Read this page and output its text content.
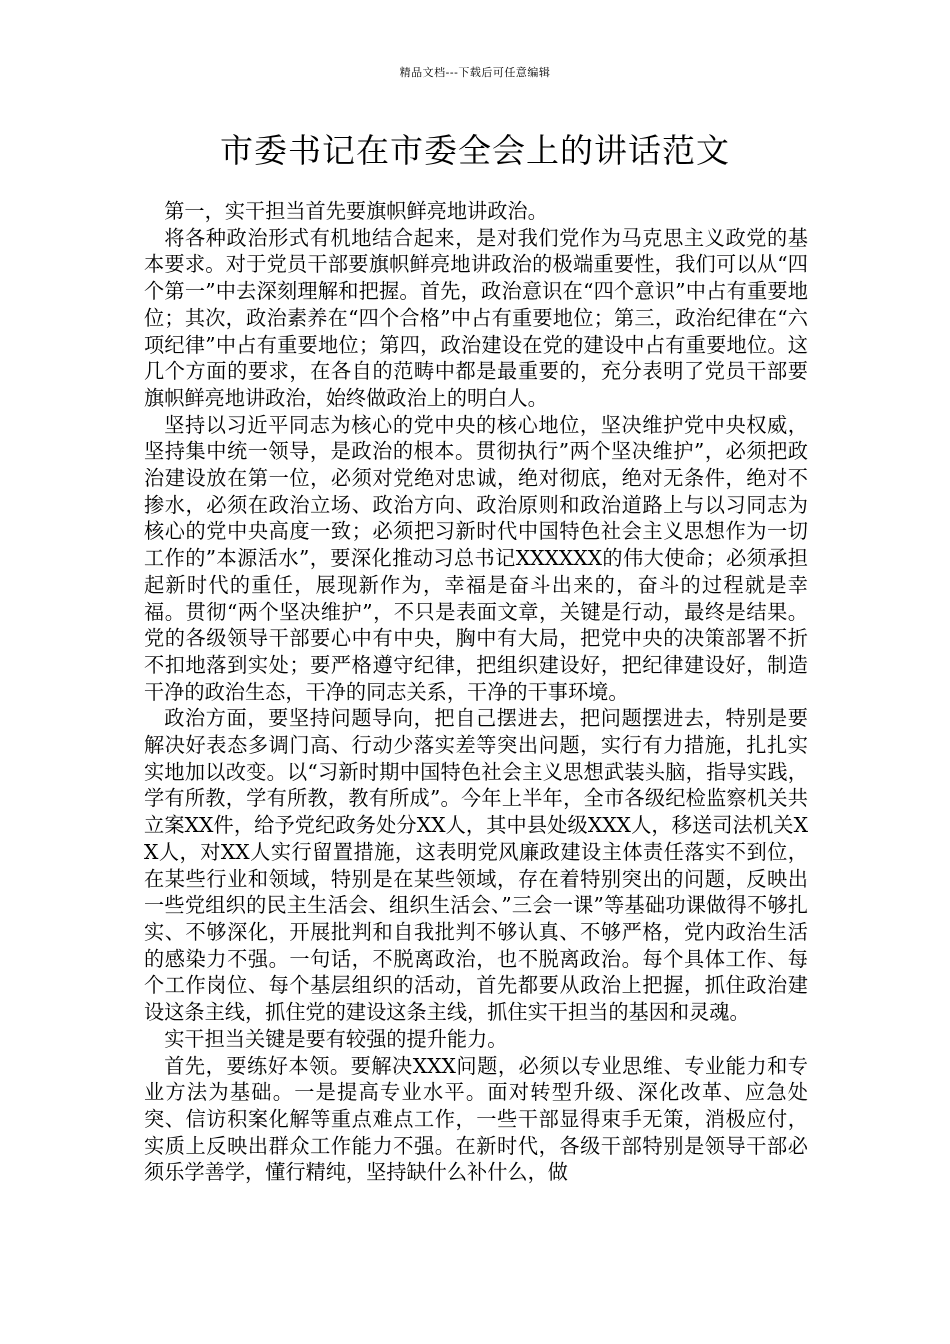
精品文档---下载后可任意编辑
市委书记在市委全会上的讲话范文

第一，实干担当首先要旗帜鲜亮地讲政治。

将各种政治形式有机地结合起来，是对我们党作为马克思主义政党的基本要求。对于党员干部要旗帜鲜亮地讲政治的极端重要性，我们可以从“四个第一”中去深刻理解和把握。首先，政治意识在“四个意识”中占有重要地位；其次，政治素养在“四个合格”中占有重要地位；第三，政治纪律在“六项纪律”中占有重要地位；第四，政治建设在党的建设中占有重要地位。这几个方面的要求，在各自的范畴中都是最重要的，充分表明了党员干部要旗帜鲜亮地讲政治，始终做政治上的明白人。

坚持以习近平同志为核心的党中央的核心地位，坚决维护党中央权威，坚持集中统一领导，是政治的根本。贯彻执行”两个坚决维护”，必须把政治建设放在第一位，必须对党绝对忠诚，绝对彻底，绝对无条件，绝对不掺水，必须在政治立场、政治方向、政治原则和政治道路上与以习同志为核心的党中央高度一致；必须把习新时代中国特色社会主义思想作为一切工作的”本源活水”，要深化推动习总书记XXXXXX的伟大使命；必须承担起新时代的重任，展现新作为，幸福是奋斗出来的，奋斗的过程就是幸福。贯彻“两个坚决维护”，不只是表面文章，关键是行动，最终是结果。党的各级领导干部要心中有中央，胸中有大局，把党中央的决策部署不折不扣地落到实处；要严格遵守纪律，把组织建设好，把纪律建设好，制造干净的政治生态，干净的同志关系，干净的干事环境。

政治方面，要坚持问题导向，把自己摆进去，把问题摆进去，特别是要解决好表态多调门高、行动少落实差等突出问题，实行有力措施，扎扎实实地加以改变。以“习新时期中国特色社会主义思想武装头脑，指导实践，学有所教，学有所教，教有所成”。今年上半年，全市各级纪检监察机关共立案XX件，给予党纪政务处分XX人，其中县处级XXX人，移送司法机关XX人，对XX人实行留置措施，这表明党风廉政建设主体责任落实不到位，在某些行业和领域，特别是在某些领域，存在着特别突出的问题，反映出一些党组织的民主生活会、组织生活会、”三会一课”等基础功课做得不够扎实、不够深化，开展批判和自我批判不够认真、不够严格，党内政治生活的感染力不强。一句话，不脱离政治，也不脱离政治。每个具体工作、每个工作岗位、每个基层组织的活动，首先都要从政治上把握，抓住政治建设这条主线，抓住党的建设这条主线，抓住实干担当的基因和灵魂。

实干担当关键是要有较强的提升能力。

首先，要练好本领。要解决XXX问题，必须以专业思维、专业能力和专业方法为基础。一是提高专业水平。面对转型升级、深化改革、应急处突、信访积案化解等重点难点工作，一些干部显得束手无策，消极应付，实质上反映出群众工作能力不强。在新时代，各级干部特别是领导干部必须乐学善学，懂行精纯，坚持缺什么补什么，做
